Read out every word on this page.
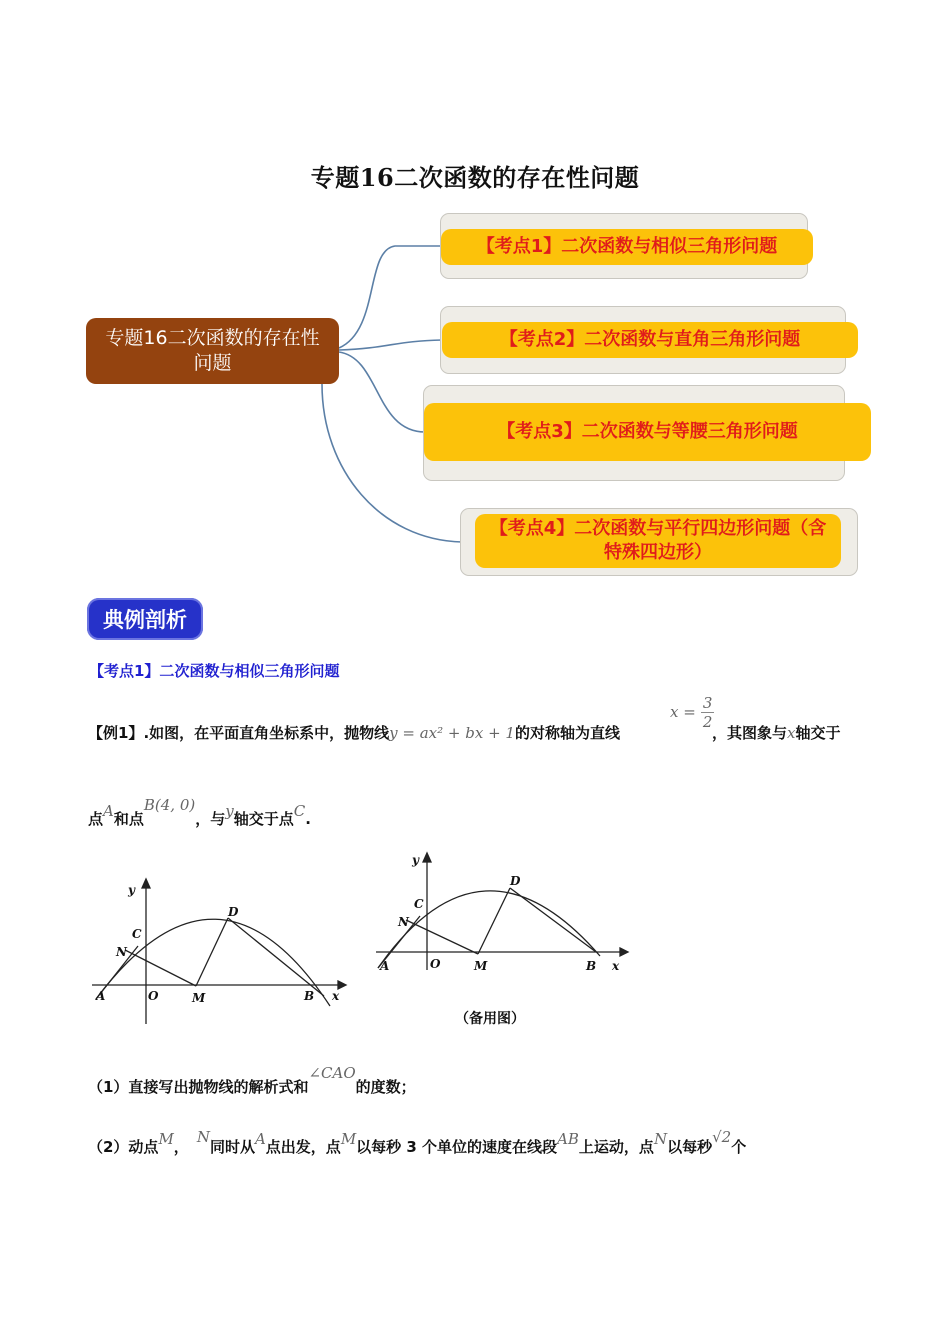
专题16二次函数的存在性问题
专题16二次函数的存在性问题
【考点1】二次函数与相似三角形问题
【考点2】二次函数与直角三角形问题
【考点3】二次函数与等腰三角形问题
【考点4】二次函数与平行四边形问题（含特殊四边形）
典例剖析
【考点1】二次函数与相似三角形问题
【例1】.如图，在平面直角坐标系中，抛物线y = ax² + bx + 1的对称轴为直线
$x = \frac{3}{2}$
，其图象与x轴交于
点A和点B(4, 0)，与y轴交于点C.
y
x
O
A	B
C
D
M
N
y
x
O
A	B
C
D
M
N
（备用图）
（1）直接写出抛物线的解析式和∠CAO的度数；
（2）动点M，N同时从A点出发，点M以每秒 3 个单位的速度在线段AB上运动，点N以每秒√2个
